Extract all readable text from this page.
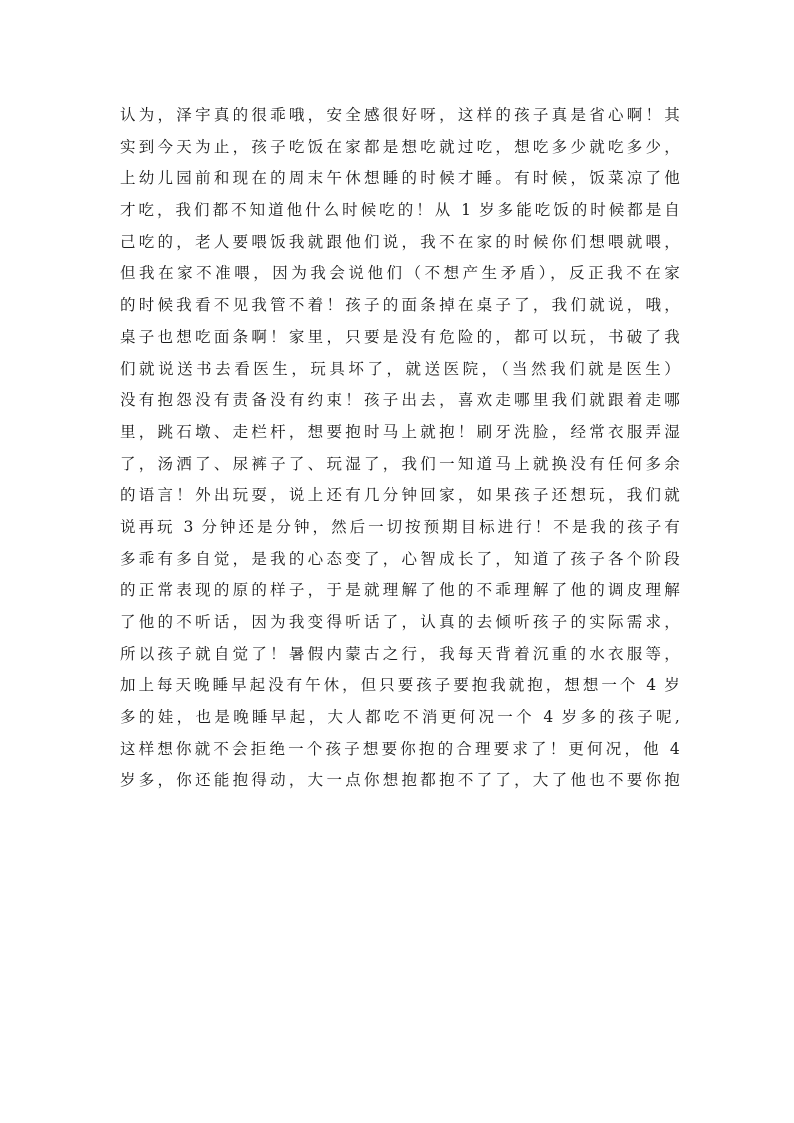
认为，泽宇真的很乖哦，安全感很好呀，这样的孩子真是省心啊！其
实到今天为止，孩子吃饭在家都是想吃就过吃，想吃多少就吃多少，
上幼儿园前和现在的周末午休想睡的时候才睡。有时候，饭菜凉了他
才吃，我们都不知道他什么时候吃的！从 1 岁多能吃饭的时候都是自
己吃的，老人要喂饭我就跟他们说，我不在家的时候你们想喂就喂，
但我在家不准喂，因为我会说他们（不想产生矛盾），反正我不在家
的时候我看不见我管不着！孩子的面条掉在桌子了，我们就说，哦，
桌子也想吃面条啊！家里，只要是没有危险的，都可以玩，书破了我
们就说送书去看医生，玩具坏了，就送医院，（当然我们就是医生）
没有抱怨没有责备没有约束！孩子出去，喜欢走哪里我们就跟着走哪
里，跳石墩、走栏杆，想要抱时马上就抱！刷牙洗脸，经常衣服弄湿
了，汤洒了、尿裤子了、玩湿了，我们一知道马上就换没有任何多余
的语言！外出玩耍，说上还有几分钟回家，如果孩子还想玩，我们就
说再玩 3 分钟还是分钟，然后一切按预期目标进行！不是我的孩子有
多乖有多自觉，是我的心态变了，心智成长了，知道了孩子各个阶段
的正常表现的原的样子，于是就理解了他的不乖理解了他的调皮理解
了他的不听话，因为我变得听话了，认真的去倾听孩子的实际需求，
所以孩子就自觉了！暑假内蒙古之行，我每天背着沉重的水衣服等，
加上每天晚睡早起没有午休，但只要孩子要抱我就抱，想想一个 4 岁
多的娃，也是晚睡早起，大人都吃不消更何况一个 4 岁多的孩子呢,
这样想你就不会拒绝一个孩子想要你抱的合理要求了！更何况，他 4
岁多，你还能抱得动，大一点你想抱都抱不了了，大了他也不要你抱
